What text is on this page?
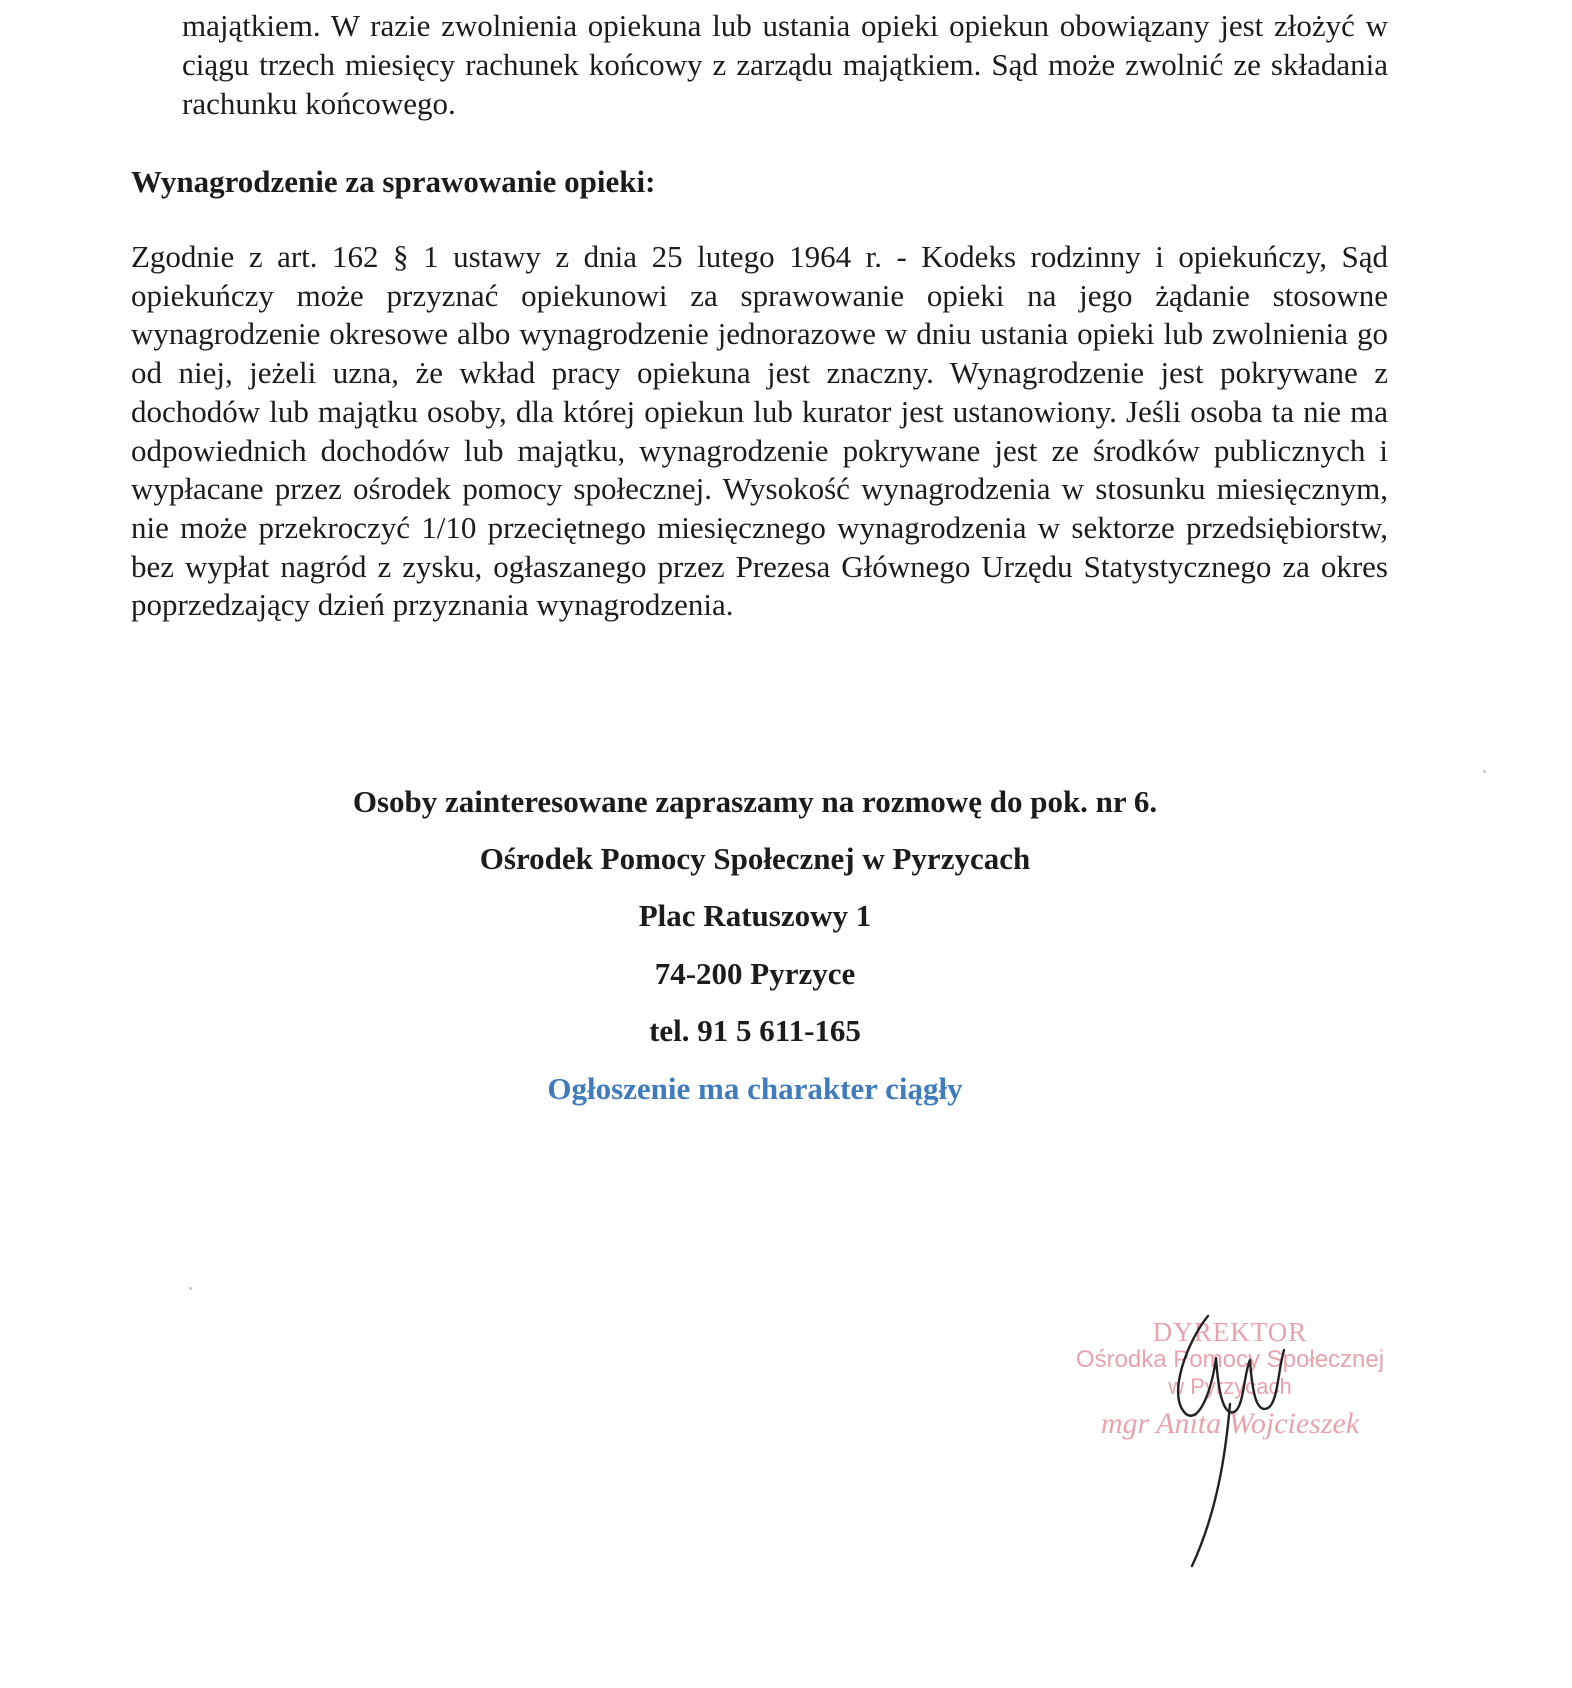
majątkiem. W razie zwolnienia opiekuna lub ustania opieki opiekun obowiązany jest złożyć w ciągu trzech miesięcy rachunek końcowy z zarządu majątkiem. Sąd może zwolnić ze składania rachunku końcowego.

Wynagrodzenie za sprawowanie opieki:

Zgodnie z art. 162 § 1 ustawy z dnia 25 lutego 1964 r. - Kodeks rodzinny i opiekuńczy, Sąd opiekuńczy może przyznać opiekunowi za sprawowanie opieki na jego żądanie stosowne wynagrodzenie okresowe albo wynagrodzenie jednorazowe w dniu ustania opieki lub zwolnienia go od niej, jeżeli uzna, że wkład pracy opiekuna jest znaczny. Wynagrodzenie jest pokrywane z dochodów lub majątku osoby, dla której opiekun lub kurator jest ustanowiony. Jeśli osoba ta nie ma odpowiednich dochodów lub majątku, wynagrodzenie pokrywane jest ze środków publicznych i wypłacane przez ośrodek pomocy społecznej. Wysokość wynagrodzenia w stosunku miesięcznym, nie może przekroczyć 1/10 przeciętnego miesięcznego wynagrodzenia w sektorze przedsiębiorstw, bez wypłat nagród z zysku, ogłaszanego przez Prezesa Głównego Urzędu Statystycznego za okres poprzedzający dzień przyznania wynagrodzenia.

Osoby zainteresowane zapraszamy na rozmowę do pok. nr 6.

Ośrodek Pomocy Społecznej w Pyrzycach

Plac Ratuszowy 1

74-200 Pyrzyce

tel. 91 5 611-165

Ogłoszenie ma charakter ciągły

DYREKTOR
Ośrodka Pomocy Społecznej
w Pyrzycach
mgr Anita Wojcieszek
